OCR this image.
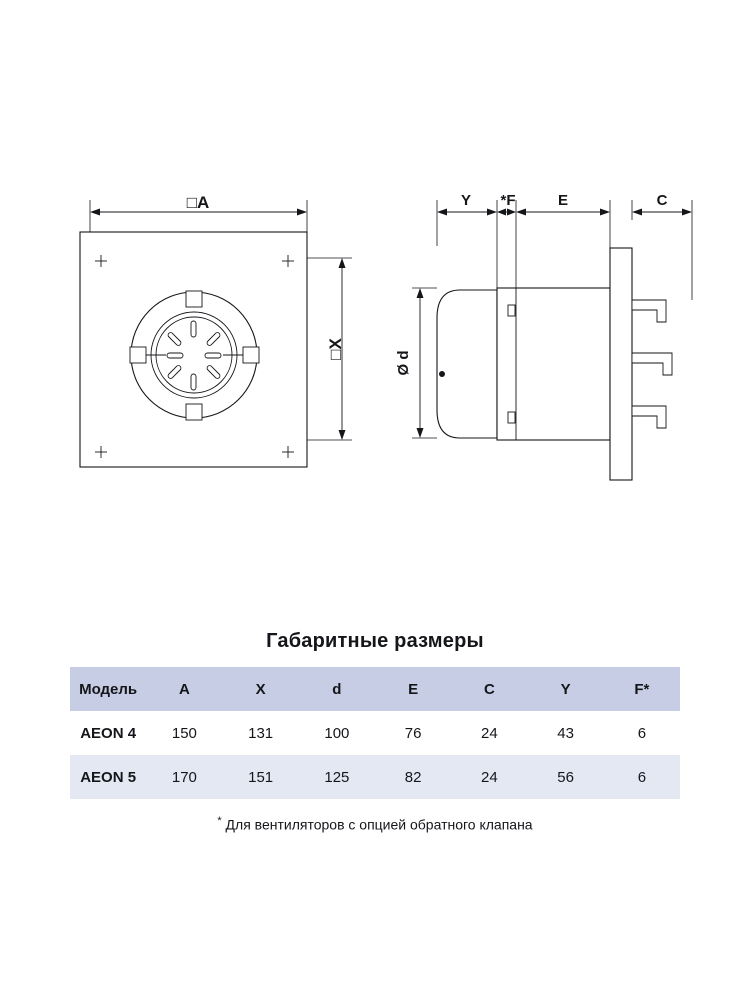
□A
□X
Y *F	E	C
Ø d
Габаритные размеры
Модель	A	X	d	E	C	Y	F*
AEON 4	150	131	100	76	24	43	6
AEON 5	170	151	125	82	24	56	6
* Для вентиляторов с опцией обратного клапана
